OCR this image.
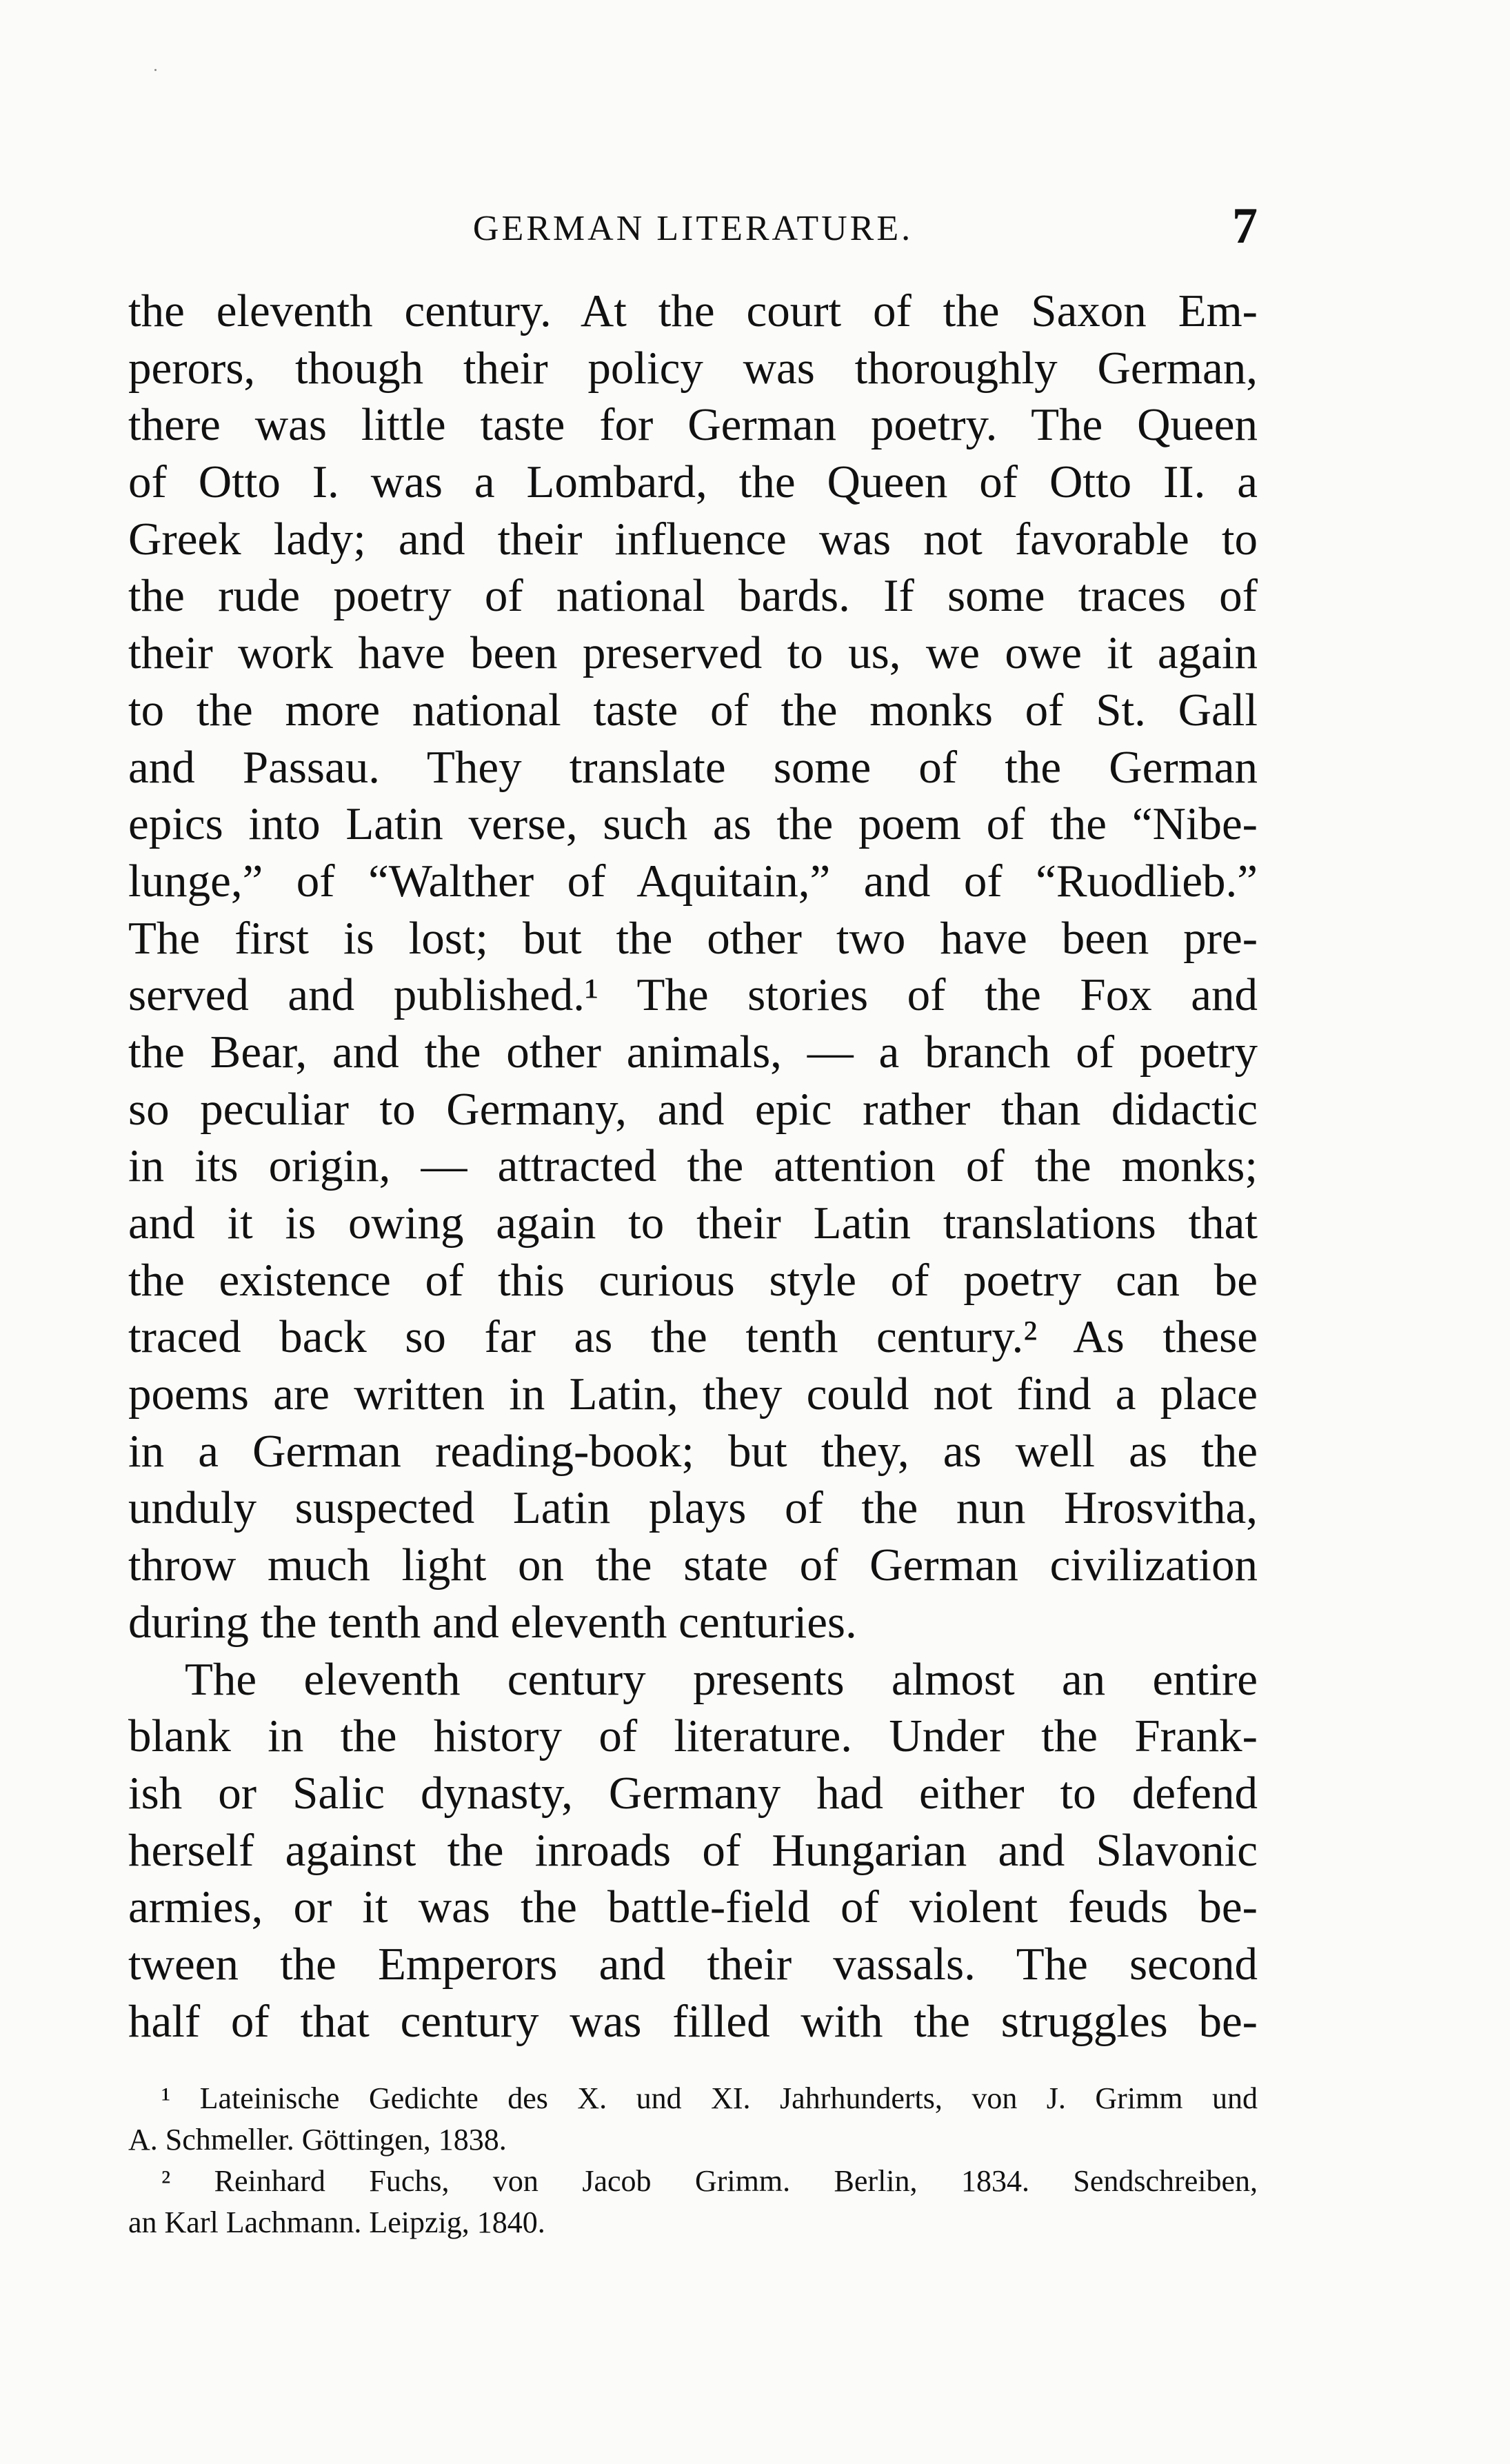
GERMAN LITERATURE.	7
the eleventh century. At the court of the Saxon Em-
perors, though their policy was thoroughly German,
there was little taste for German poetry. The Queen
of Otto I. was a Lombard, the Queen of Otto II. a
Greek lady; and their influence was not favorable to
the rude poetry of national bards. If some traces of
their work have been preserved to us, we owe it again
to the more national taste of the monks of St. Gall
and Passau. They translate some of the German
epics into Latin verse, such as the poem of the “Nibe-
lunge,” of “Walther of Aquitain,” and of “Ruodlieb.”
The first is lost; but the other two have been pre-
served and published.¹ The stories of the Fox and
the Bear, and the other animals, — a branch of poetry
so peculiar to Germany, and epic rather than didactic
in its origin, — attracted the attention of the monks;
and it is owing again to their Latin translations that
the existence of this curious style of poetry can be
traced back so far as the tenth century.² As these
poems are written in Latin, they could not find a place
in a German reading-book; but they, as well as the
unduly suspected Latin plays of the nun Hrosvitha,
throw much light on the state of German civilization
during the tenth and eleventh centuries.
The eleventh century presents almost an entire
blank in the history of literature. Under the Frank-
ish or Salic dynasty, Germany had either to defend
herself against the inroads of Hungarian and Slavonic
armies, or it was the battle-field of violent feuds be-
tween the Emperors and their vassals. The second
half of that century was filled with the struggles be-
¹ Lateinische Gedichte des X. und XI. Jahrhunderts, von J. Grimm und
A. Schmeller. Göttingen, 1838.
² Reinhard Fuchs, von Jacob Grimm. Berlin, 1834. Sendschreiben,
an Karl Lachmann. Leipzig, 1840.
